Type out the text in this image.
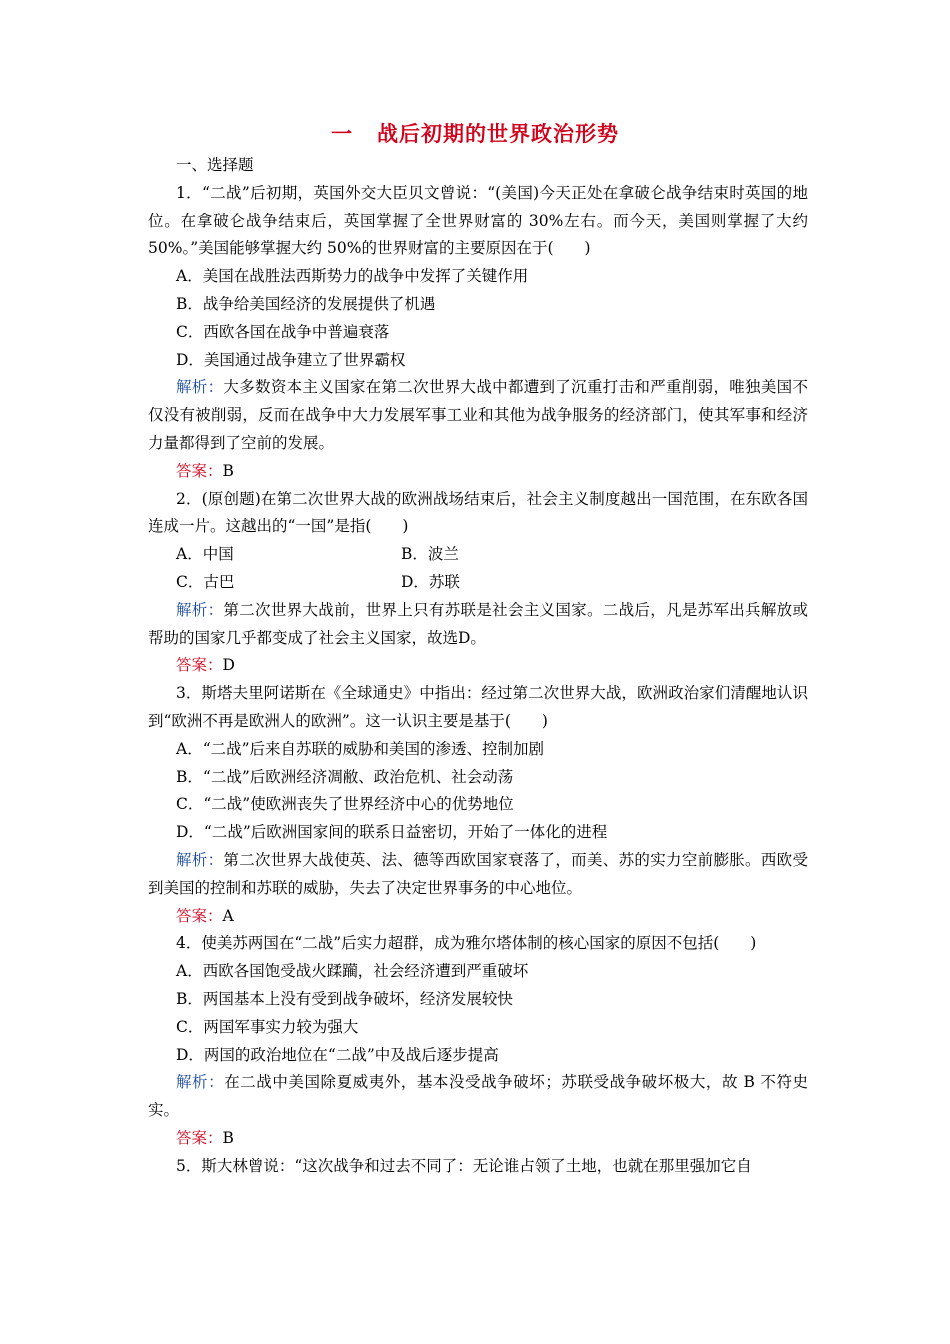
一 战后初期的世界政治形势

一、选择题

1．“二战”后初期，英国外交大臣贝文曾说：“(美国)今天正处在拿破仑战争结束时英国的地位。在拿破仑战争结束后，英国掌握了全世界财富的 30%左右。而今天，美国则掌握了大约 50%。”美国能够掌握大约 50%的世界财富的主要原因在于(　　)

A．美国在战胜法西斯势力的战争中发挥了关键作用

B．战争给美国经济的发展提供了机遇

C．西欧各国在战争中普遍衰落

D．美国通过战争建立了世界霸权

解析：大多数资本主义国家在第二次世界大战中都遭到了沉重打击和严重削弱，唯独美国不仅没有被削弱，反而在战争中大力发展军事工业和其他为战争服务的经济部门，使其军事和经济力量都得到了空前的发展。

答案：B

2．(原创题)在第二次世界大战的欧洲战场结束后，社会主义制度越出一国范围，在东欧各国连成一片。这越出的“一国”是指(　　)

A．中国	B．波兰
C．古巴	D．苏联

解析：第二次世界大战前，世界上只有苏联是社会主义国家。二战后，凡是苏军出兵解放或帮助的国家几乎都变成了社会主义国家，故选D。

答案：D

3．斯塔夫里阿诺斯在《全球通史》中指出：经过第二次世界大战，欧洲政治家们清醒地认识到“欧洲不再是欧洲人的欧洲”。这一认识主要是基于(　　)

A．“二战”后来自苏联的威胁和美国的渗透、控制加剧

B．“二战”后欧洲经济凋敝、政治危机、社会动荡

C．“二战”使欧洲丧失了世界经济中心的优势地位

D．“二战”后欧洲国家间的联系日益密切，开始了一体化的进程

解析：第二次世界大战使英、法、德等西欧国家衰落了，而美、苏的实力空前膨胀。西欧受到美国的控制和苏联的威胁，失去了决定世界事务的中心地位。

答案：A

4．使美苏两国在“二战”后实力超群，成为雅尔塔体制的核心国家的原因不包括(　　)

A．西欧各国饱受战火蹂躏，社会经济遭到严重破坏

B．两国基本上没有受到战争破坏，经济发展较快

C．两国军事实力较为强大

D．两国的政治地位在“二战”中及战后逐步提高

解析：在二战中美国除夏威夷外，基本没受战争破坏；苏联受战争破坏极大，故 B 不符史实。

答案：B

5．斯大林曾说：“这次战争和过去不同了：无论谁占领了土地，也就在那里强加它自
